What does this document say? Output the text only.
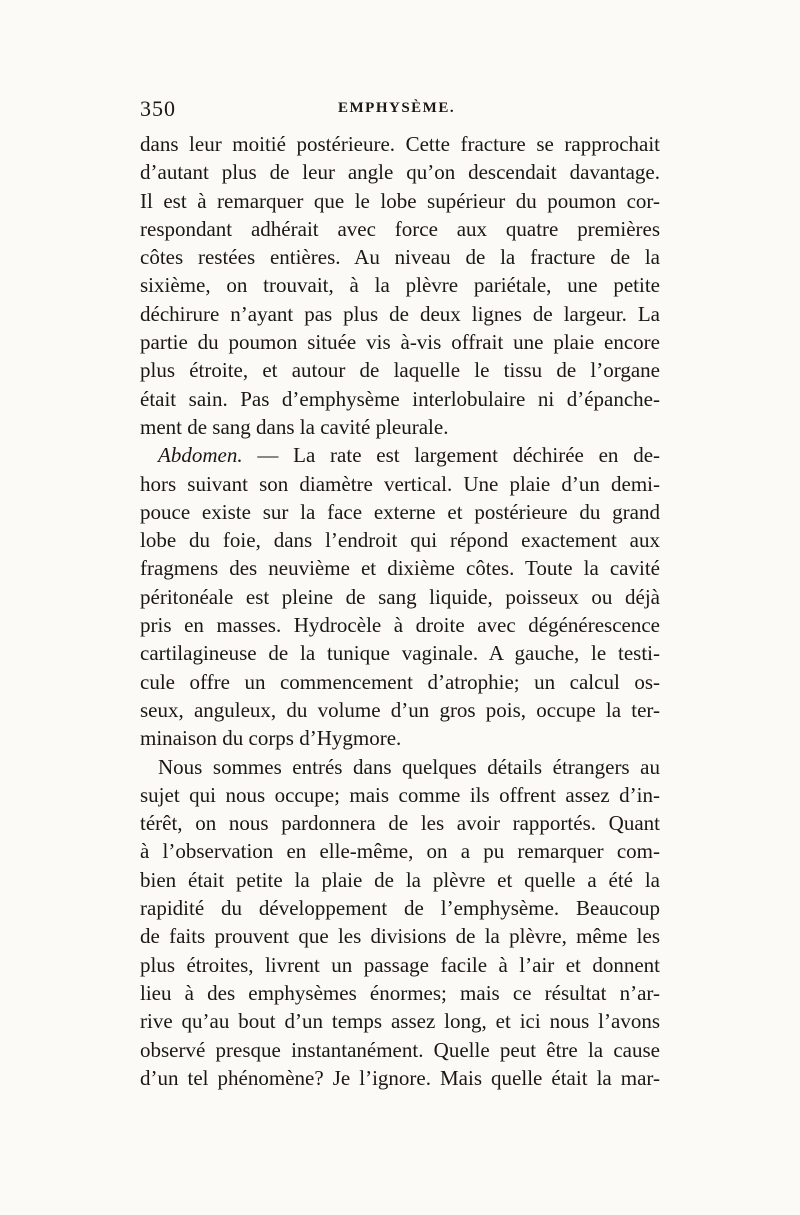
350	EMPHYSÈME.
dans leur moitié postérieure. Cette fracture se rapprochait
d’autant plus de leur angle qu’on descendait davantage.
Il est à remarquer que le lobe supérieur du poumon cor-
respondant adhérait avec force aux quatre premières
côtes restées entières. Au niveau de la fracture de la
sixième, on trouvait, à la plèvre pariétale, une petite
déchirure n’ayant pas plus de deux lignes de largeur. La
partie du poumon située vis à-vis offrait une plaie encore
plus étroite, et autour de laquelle le tissu de l’organe
était sain. Pas d’emphysème interlobulaire ni d’épanche-
ment de sang dans la cavité pleurale.
Abdomen. — La rate est largement déchirée en de-
hors suivant son diamètre vertical. Une plaie d’un demi-
pouce existe sur la face externe et postérieure du grand
lobe du foie, dans l’endroit qui répond exactement aux
fragmens des neuvième et dixième côtes. Toute la cavité
péritonéale est pleine de sang liquide, poisseux ou déjà
pris en masses. Hydrocèle à droite avec dégénérescence
cartilagineuse de la tunique vaginale. A gauche, le testi-
cule offre un commencement d’atrophie; un calcul os-
seux, anguleux, du volume d’un gros pois, occupe la ter-
minaison du corps d’Hygmore.
Nous sommes entrés dans quelques détails étrangers au
sujet qui nous occupe; mais comme ils offrent assez d’in-
térêt, on nous pardonnera de les avoir rapportés. Quant
à l’observation en elle-même, on a pu remarquer com-
bien était petite la plaie de la plèvre et quelle a été la
rapidité du développement de l’emphysème. Beaucoup
de faits prouvent que les divisions de la plèvre, même les
plus étroites, livrent un passage facile à l’air et donnent
lieu à des emphysèmes énormes; mais ce résultat n’ar-
rive qu’au bout d’un temps assez long, et ici nous l’avons
observé presque instantanément. Quelle peut être la cause
d’un tel phénomène? Je l’ignore. Mais quelle était la mar-
